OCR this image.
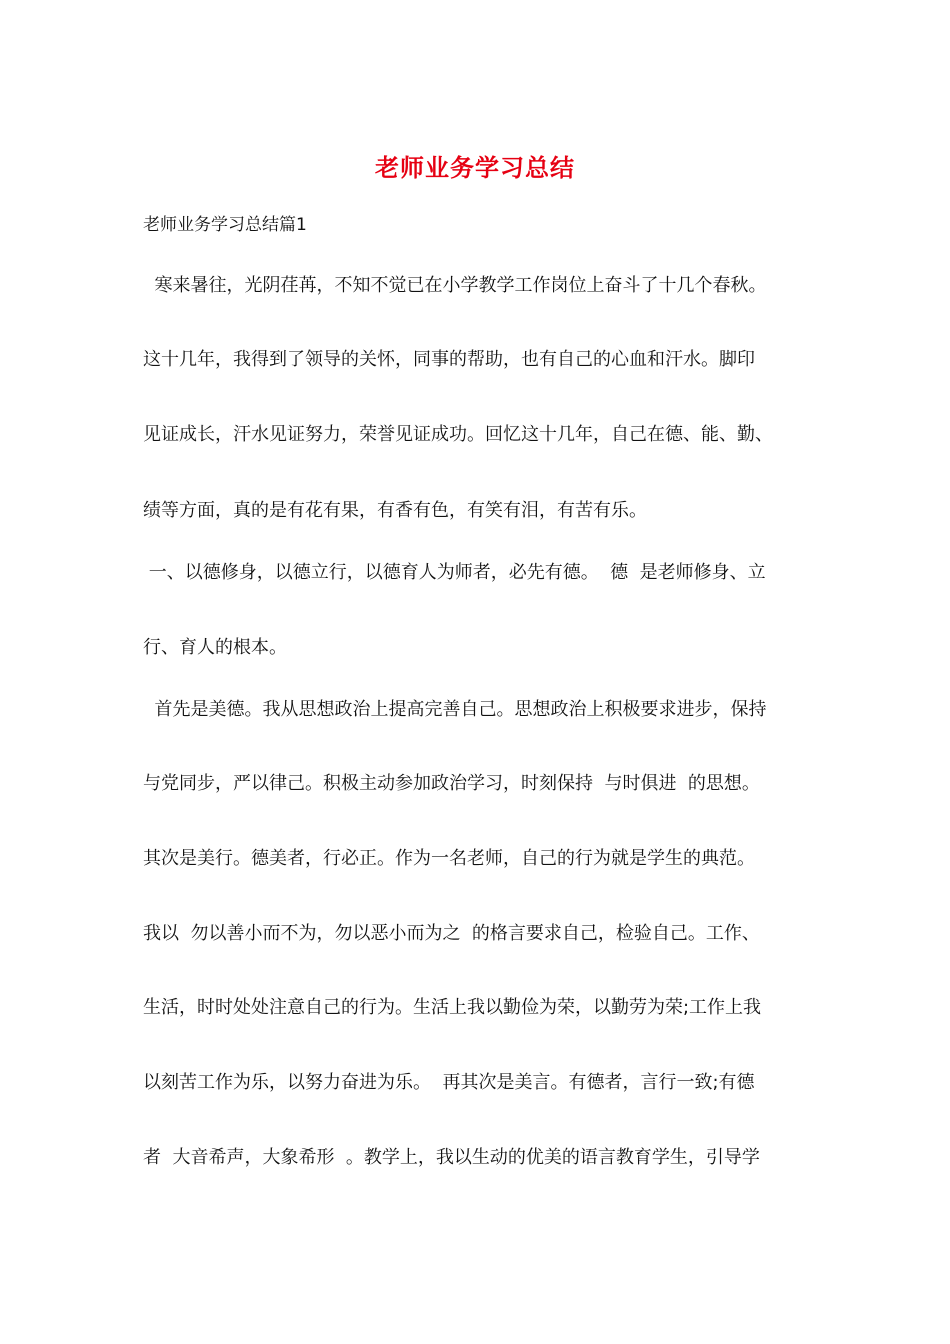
老师业务学习总结
老师业务学习总结篇1
寒来暑往，光阴荏苒，不知不觉已在小学教学工作岗位上奋斗了十几个春秋。
这十几年，我得到了领导的关怀，同事的帮助，也有自己的心血和汗水。脚印
见证成长，汗水见证努力，荣誉见证成功。回忆这十几年，自己在德、能、勤、
绩等方面，真的是有花有果，有香有色，有笑有泪，有苦有乐。
一、以德修身，以德立行，以德育人为师者，必先有德。  德  是老师修身、立
行、育人的根本。
首先是美德。我从思想政治上提高完善自己。思想政治上积极要求进步，保持
与党同步，严以律己。积极主动参加政治学习，时刻保持  与时俱进  的思想。
其次是美行。德美者，行必正。作为一名老师，自己的行为就是学生的典范。
我以  勿以善小而不为，勿以恶小而为之  的格言要求自己，检验自己。工作、
生活，时时处处注意自己的行为。生活上我以勤俭为荣，以勤劳为荣;工作上我
以刻苦工作为乐，以努力奋进为乐。  再其次是美言。有德者，言行一致;有德
者  大音希声，大象希形  。教学上，我以生动的优美的语言教育学生，引导学
